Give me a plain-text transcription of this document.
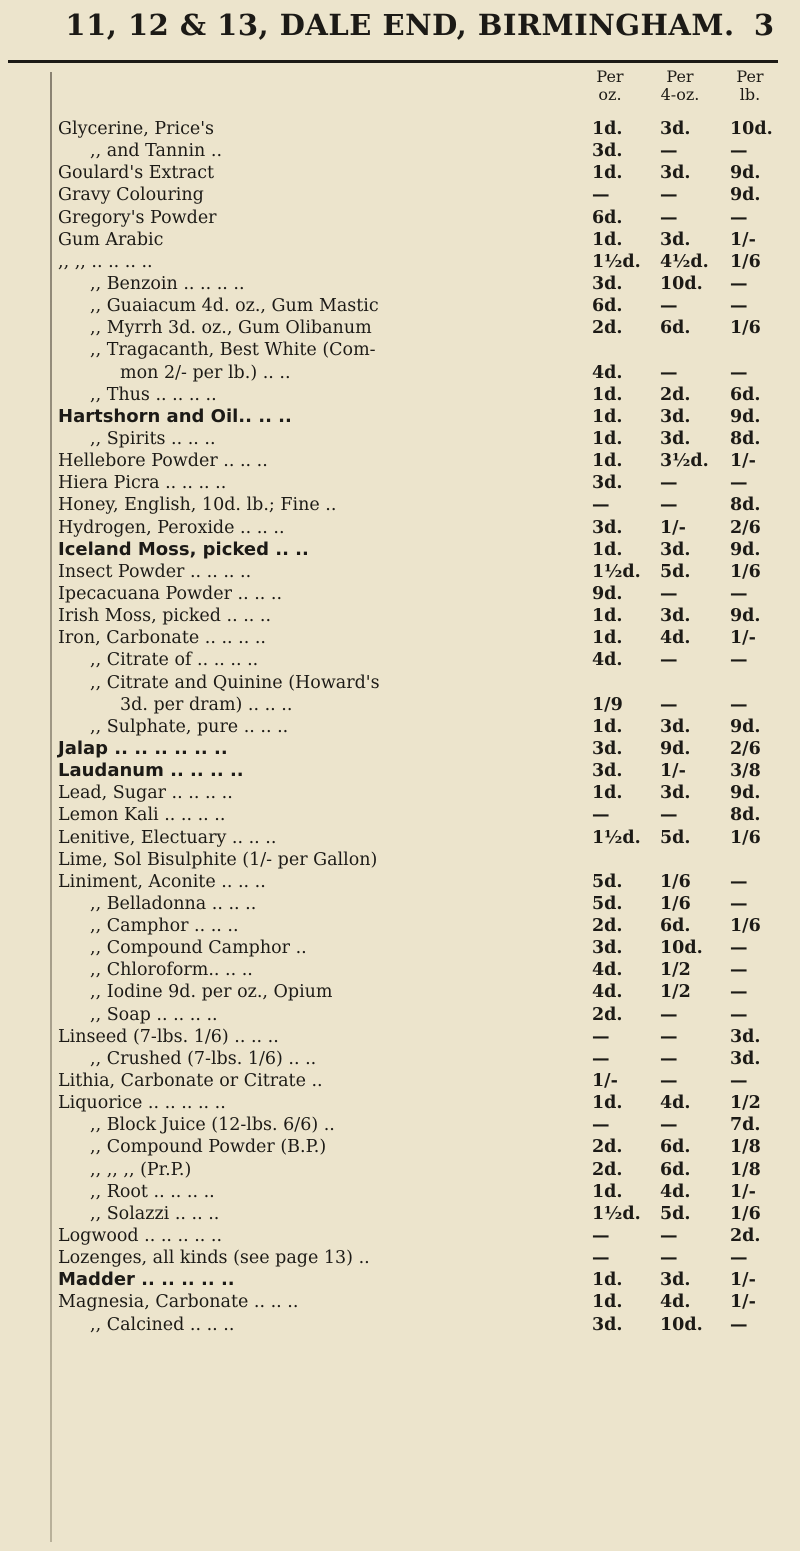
11, 12 & 13, DALE END, BIRMINGHAM. 3
Per
oz.
Per
4-oz.
Per
lb.
Glycerine, Price's	1d. 3d. 10d.
,, and Tannin ..	3d. —	—
Goulard's Extract	1d. 3d. 9d.
Gravy Colouring	—	—	9d.
Gregory's Powder	6d. —	—
Gum Arabic	1d. 3d. 1/-
,, ,, .. .. .. ..	1½d. 4½d. 1/6
,, Benzoin .. .. .. ..	3d. 10d. —
,, Guaiacum 4d. oz., Gum Mastic	6d. —	—
,, Myrrh 3d. oz., Gum Olibanum	2d. 6d. 1/6
,, Tragacanth, Best White (Com-
mon 2/- per lb.) .. ..	4d. —	—
,, Thus .. .. .. ..	1d. 2d. 6d.
Hartshorn and Oil.. .. ..	1d. 3d. 9d.
,, Spirits .. .. ..	1d. 3d. 8d.
Hellebore Powder .. .. ..	1d. 3½d. 1/-
Hiera Picra .. .. .. ..	3d. —	—
Honey, English, 10d. lb.; Fine ..	—	—	8d.
Hydrogen, Peroxide .. .. ..	3d. 1/-	2/6
Iceland Moss, picked .. ..	1d. 3d. 9d.
Insect Powder .. .. .. ..	1½d. 5d. 1/6
Ipecacuana Powder .. .. ..	9d. —	—
Irish Moss, picked .. .. ..	1d. 3d. 9d.
Iron, Carbonate .. .. .. ..	1d. 4d. 1/-
,, Citrate of .. .. .. ..	4d. —	—
,, Citrate and Quinine (Howard's
3d. per dram) .. .. ..	1/9 —	—
,, Sulphate, pure .. .. ..	1d. 3d. 9d.
Jalap .. .. .. .. .. ..	3d. 9d. 2/6
Laudanum .. .. .. ..	3d. 1/-	3/8
Lead, Sugar .. .. .. ..	1d. 3d. 9d.
Lemon Kali .. .. .. ..	—	—	8d.
Lenitive, Electuary .. .. ..	1½d. 5d. 1/6
Lime, Sol Bisulphite (1/- per Gallon)
Liniment, Aconite .. .. ..	5d. 1/6 —
,, Belladonna .. .. ..	5d. 1/6 —
,, Camphor .. .. ..	2d. 6d. 1/6
,, Compound Camphor ..	3d. 10d. —
,, Chloroform.. .. ..	4d. 1/2 —
,, Iodine 9d. per oz., Opium	4d. 1/2 —
,, Soap .. .. .. ..	2d. —	—
Linseed (7-lbs. 1/6) .. .. ..	—	—	3d.
,, Crushed (7-lbs. 1/6) .. ..	—	—	3d.
Lithia, Carbonate or Citrate ..	1/- —	—
Liquorice .. .. .. .. ..	1d. 4d. 1/2
,, Block Juice (12-lbs. 6/6) ..	—	—	7d.
,, Compound Powder (B.P.)	2d. 6d. 1/8
,, ,, ,, (Pr.P.)	2d. 6d. 1/8
,, Root .. .. .. ..	1d. 4d. 1/-
,, Solazzi .. .. ..	1½d. 5d. 1/6
Logwood .. .. .. .. ..	—	—	2d.
Lozenges, all kinds (see page 13) ..	—	—	—
Madder .. .. .. .. ..	1d. 3d. 1/-
Magnesia, Carbonate .. .. ..	1d. 4d. 1/-
,, Calcined .. .. ..	3d. 10d. —
